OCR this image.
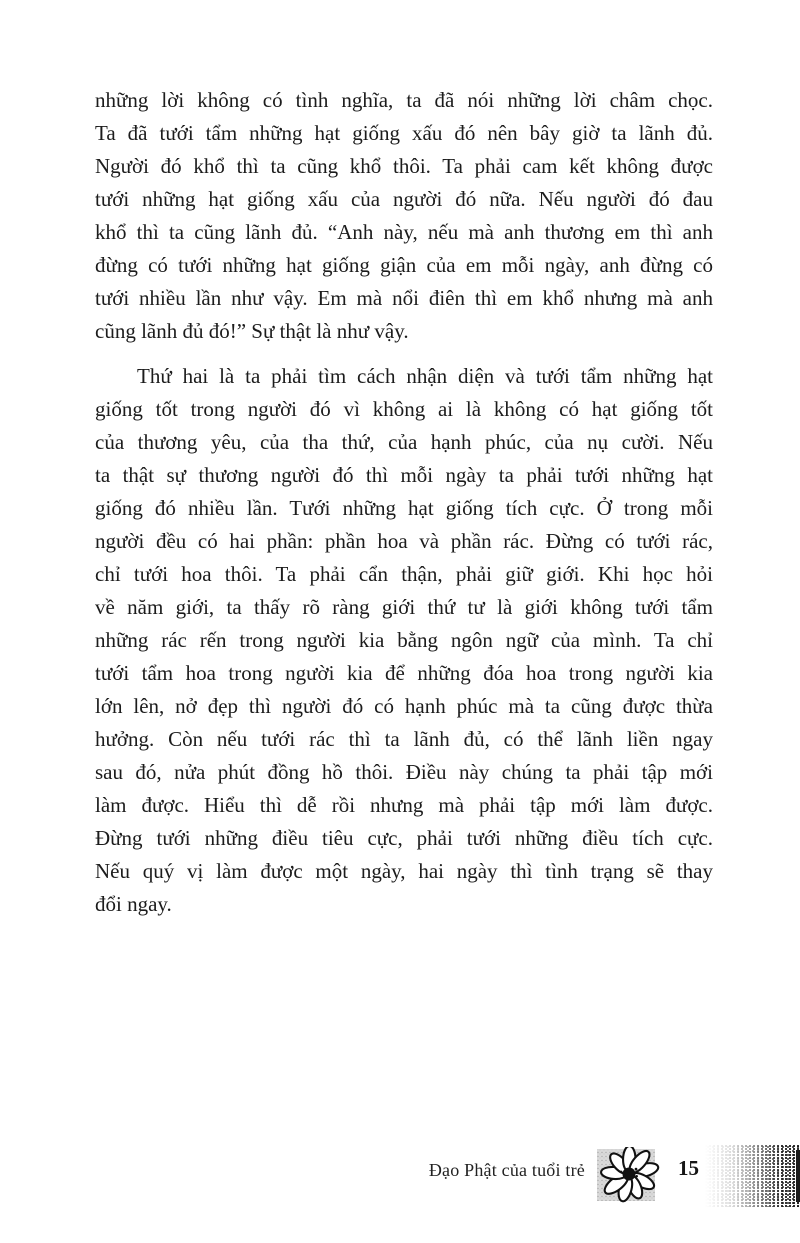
những lời không có tình nghĩa, ta đã nói những lời châm chọc.
Ta đã tưới tẩm những hạt giống xấu đó nên bây giờ ta lãnh đủ.
Người đó khổ thì ta cũng khổ thôi. Ta phải cam kết không được
tưới những hạt giống xấu của người đó nữa. Nếu người đó đau
khổ thì ta cũng lãnh đủ. “Anh này, nếu mà anh thương em thì anh
đừng có tưới những hạt giống giận của em mỗi ngày, anh đừng có
tưới nhiều lần như vậy. Em mà nổi điên thì em khổ nhưng mà anh
cũng lãnh đủ đó!” Sự thật là như vậy.
Thứ hai là ta phải tìm cách nhận diện và tưới tẩm những hạt
giống tốt trong người đó vì không ai là không có hạt giống tốt
của thương yêu, của tha thứ, của hạnh phúc, của nụ cười. Nếu
ta thật sự thương người đó thì mỗi ngày ta phải tưới những hạt
giống đó nhiều lần. Tưới những hạt giống tích cực. Ở trong mỗi
người đều có hai phần: phần hoa và phần rác. Đừng có tưới rác,
chỉ tưới hoa thôi. Ta phải cẩn thận, phải giữ giới. Khi học hỏi
về năm giới, ta thấy rõ ràng giới thứ tư là giới không tưới tẩm
những rác rến trong người kia bằng ngôn ngữ của mình. Ta chỉ
tưới tẩm hoa trong người kia để những đóa hoa trong người kia
lớn lên, nở đẹp thì người đó có hạnh phúc mà ta cũng được thừa
hưởng. Còn nếu tưới rác thì ta lãnh đủ, có thể lãnh liền ngay
sau đó, nửa phút đồng hồ thôi. Điều này chúng ta phải tập mới
làm được. Hiểu thì dễ rồi nhưng mà phải tập mới làm được.
Đừng tưới những điều tiêu cực, phải tưới những điều tích cực.
Nếu quý vị làm được một ngày, hai ngày thì tình trạng sẽ thay
đổi ngay.
Đạo Phật của tuổi trẻ	15
